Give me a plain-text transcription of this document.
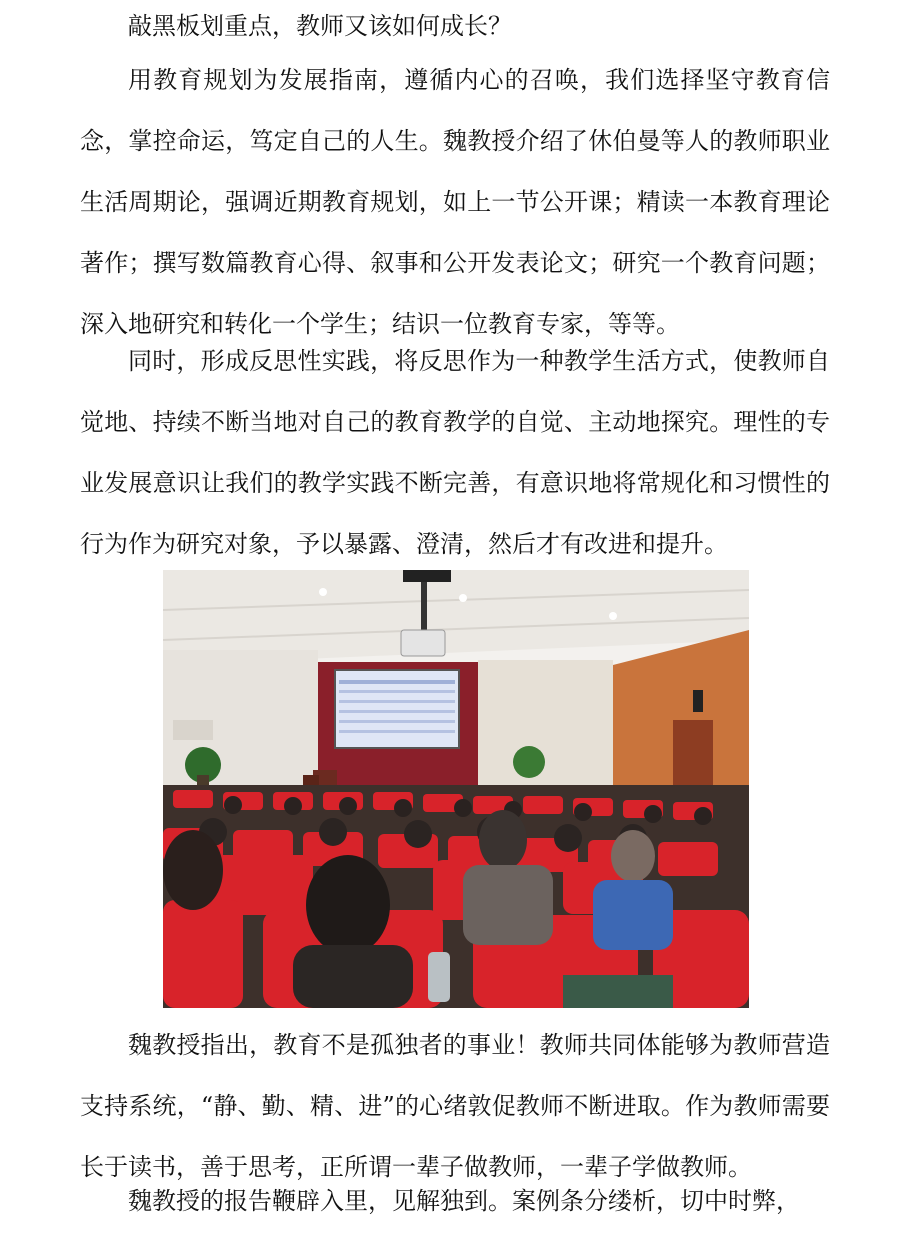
敲黑板划重点，教师又该如何成长？

用教育规划为发展指南，遵循内心的召唤，我们选择坚守教育信念，掌控命运，笃定自己的人生。魏教授介绍了休伯曼等人的教师职业生活周期论，强调近期教育规划，如上一节公开课；精读一本教育理论著作；撰写数篇教育心得、叙事和公开发表论文；研究一个教育问题；深入地研究和转化一个学生；结识一位教育专家，等等。

同时，形成反思性实践，将反思作为一种教学生活方式，使教师自觉地、持续不断当地对自己的教育教学的自觉、主动地探究。理性的专业发展意识让我们的教学实践不断完善，有意识地将常规化和习惯性的行为作为研究对象，予以暴露、澄清，然后才有改进和提升。

魏教授指出，教育不是孤独者的事业！教师共同体能够为教师营造支持系统，“静、勤、精、进”的心绪敦促教师不断进取。作为教师需要长于读书，善于思考，正所谓一辈子做教师，一辈子学做教师。

魏教授的报告鞭辟入里，见解独到。案例条分缕析，切中时弊，
